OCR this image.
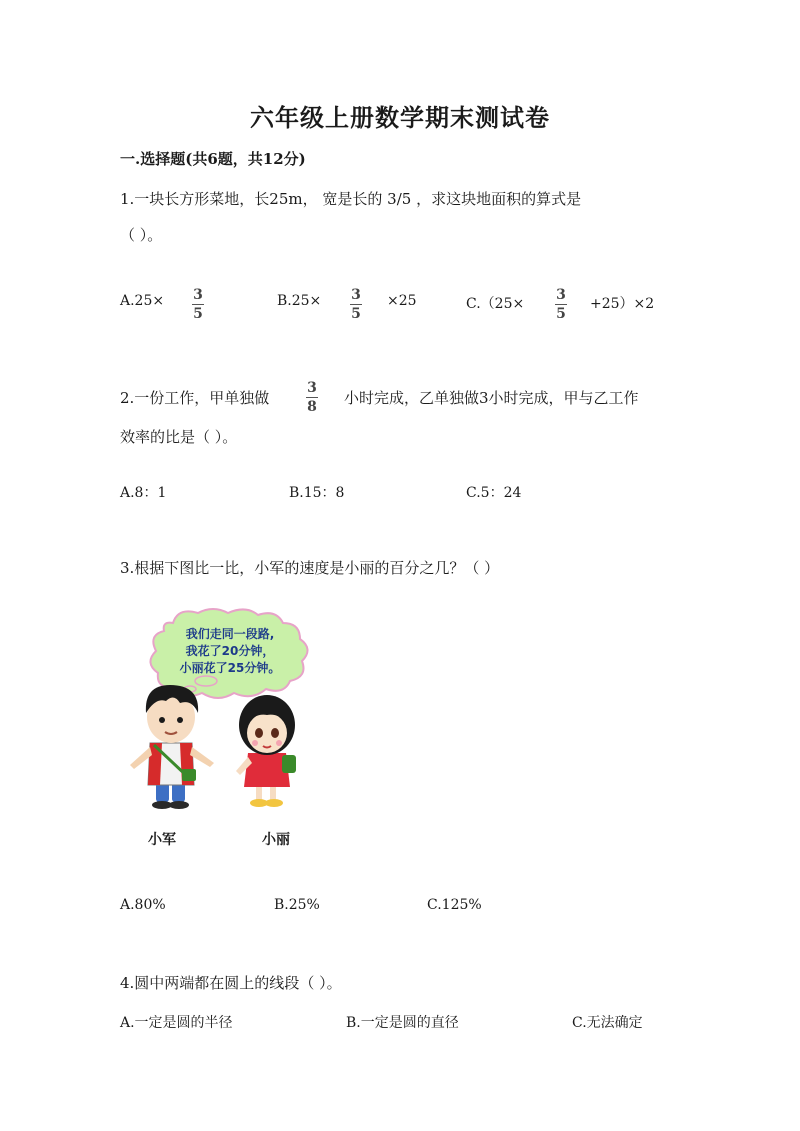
六年级上册数学期末测试卷
一.选择题(共6题，共12分)
1.一块长方形菜地，长25m， 宽是长的 3/5 ，求这块地面积的算式是
（ ）。
A.25× 3
5
B.25× 3
5
×25	C.（25×
3
5
+25）×2
2.一份工作，甲单独做
3
8 小时完成，乙单独做3小时完成，甲与乙工作
效率的比是（ ）。
A.8：1	B.15：8	C.5：24
3.根据下图比一比，小军的速度是小丽的百分之几？（ ）
我们走同一段路,
我花了20分钟，
小丽花了25分钟。
小军	小丽
A.80%	B.25%	C.125%
4.圆中两端都在圆上的线段（ ）。
A.一定是圆的半径	B.一定是圆的直径	C.无法确定
